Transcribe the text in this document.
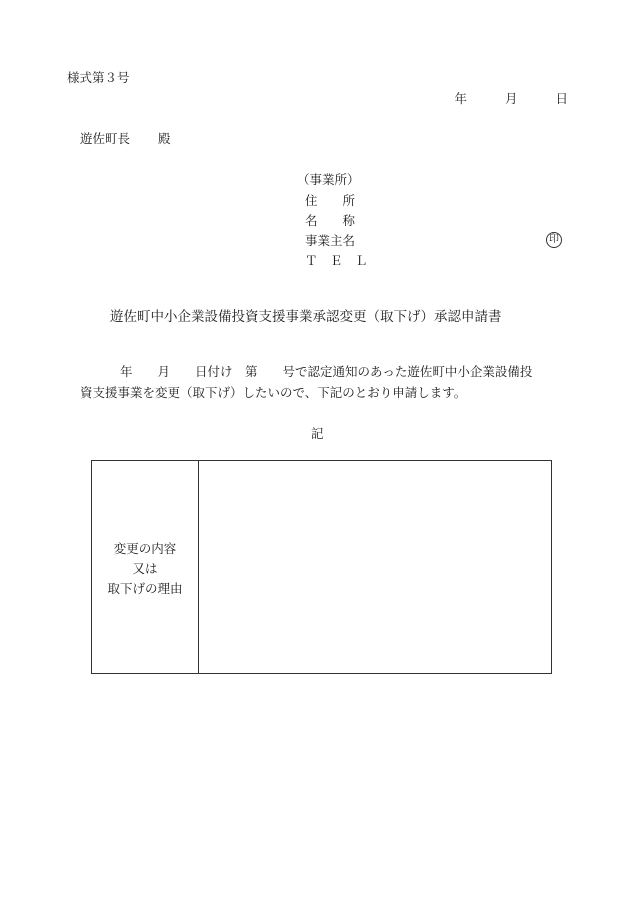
様式第３号
年	月	日
遊佐町長 殿
（事業所）
住　　所
名　　称
事業主名	印
Ｔ　Ｅ　Ｌ
遊佐町中小企業設備投資支援事業承認変更（取下げ）承認申請書
年　　月　　日付け　第　　号で認定通知のあった遊佐町中小企業設備投
資支援事業を変更（取下げ）したいので、下記のとおり申請します。
記
変更の内容
又は
取下げの理由
